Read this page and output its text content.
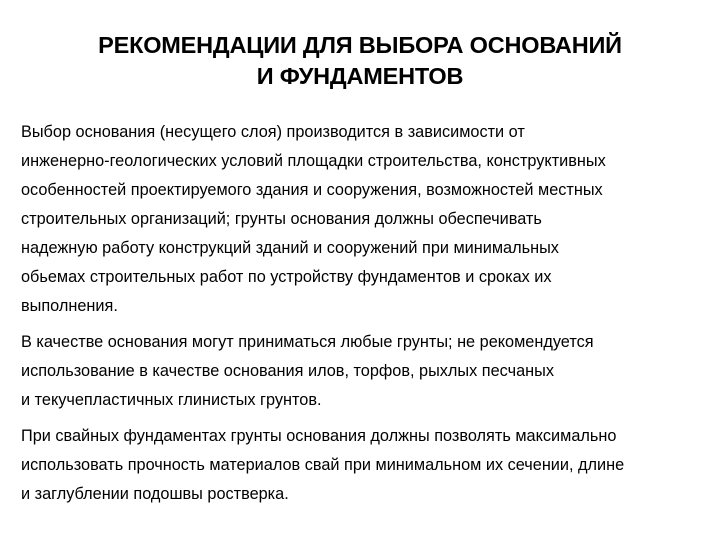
РЕКОМЕНДАЦИИ ДЛЯ ВЫБОРА ОСНОВАНИЙ
И ФУНДАМЕНТОВ

Выбор основания (несущего слоя) производится в зависимости от
инженерно-геологических условий площадки строительства, конструктивных
особенностей проектируемого здания и сооружения, возможностей местных
строительных организаций; грунты основания должны обеспечивать
надежную работу конструкций зданий и сооружений при минимальных
обьемах строительных работ по устройству фундаментов и сроках их
выполнения.

В качестве основания могут приниматься любые грунты; не рекомендуется
использование в качестве основания илов, торфов, рыхлых песчаных
и текучепластичных глинистых грунтов.

При свайных фундаментах грунты основания должны позволять максимально
использовать прочность материалов свай при минимальном их сечении, длине
и заглублении подошвы ростверка.
